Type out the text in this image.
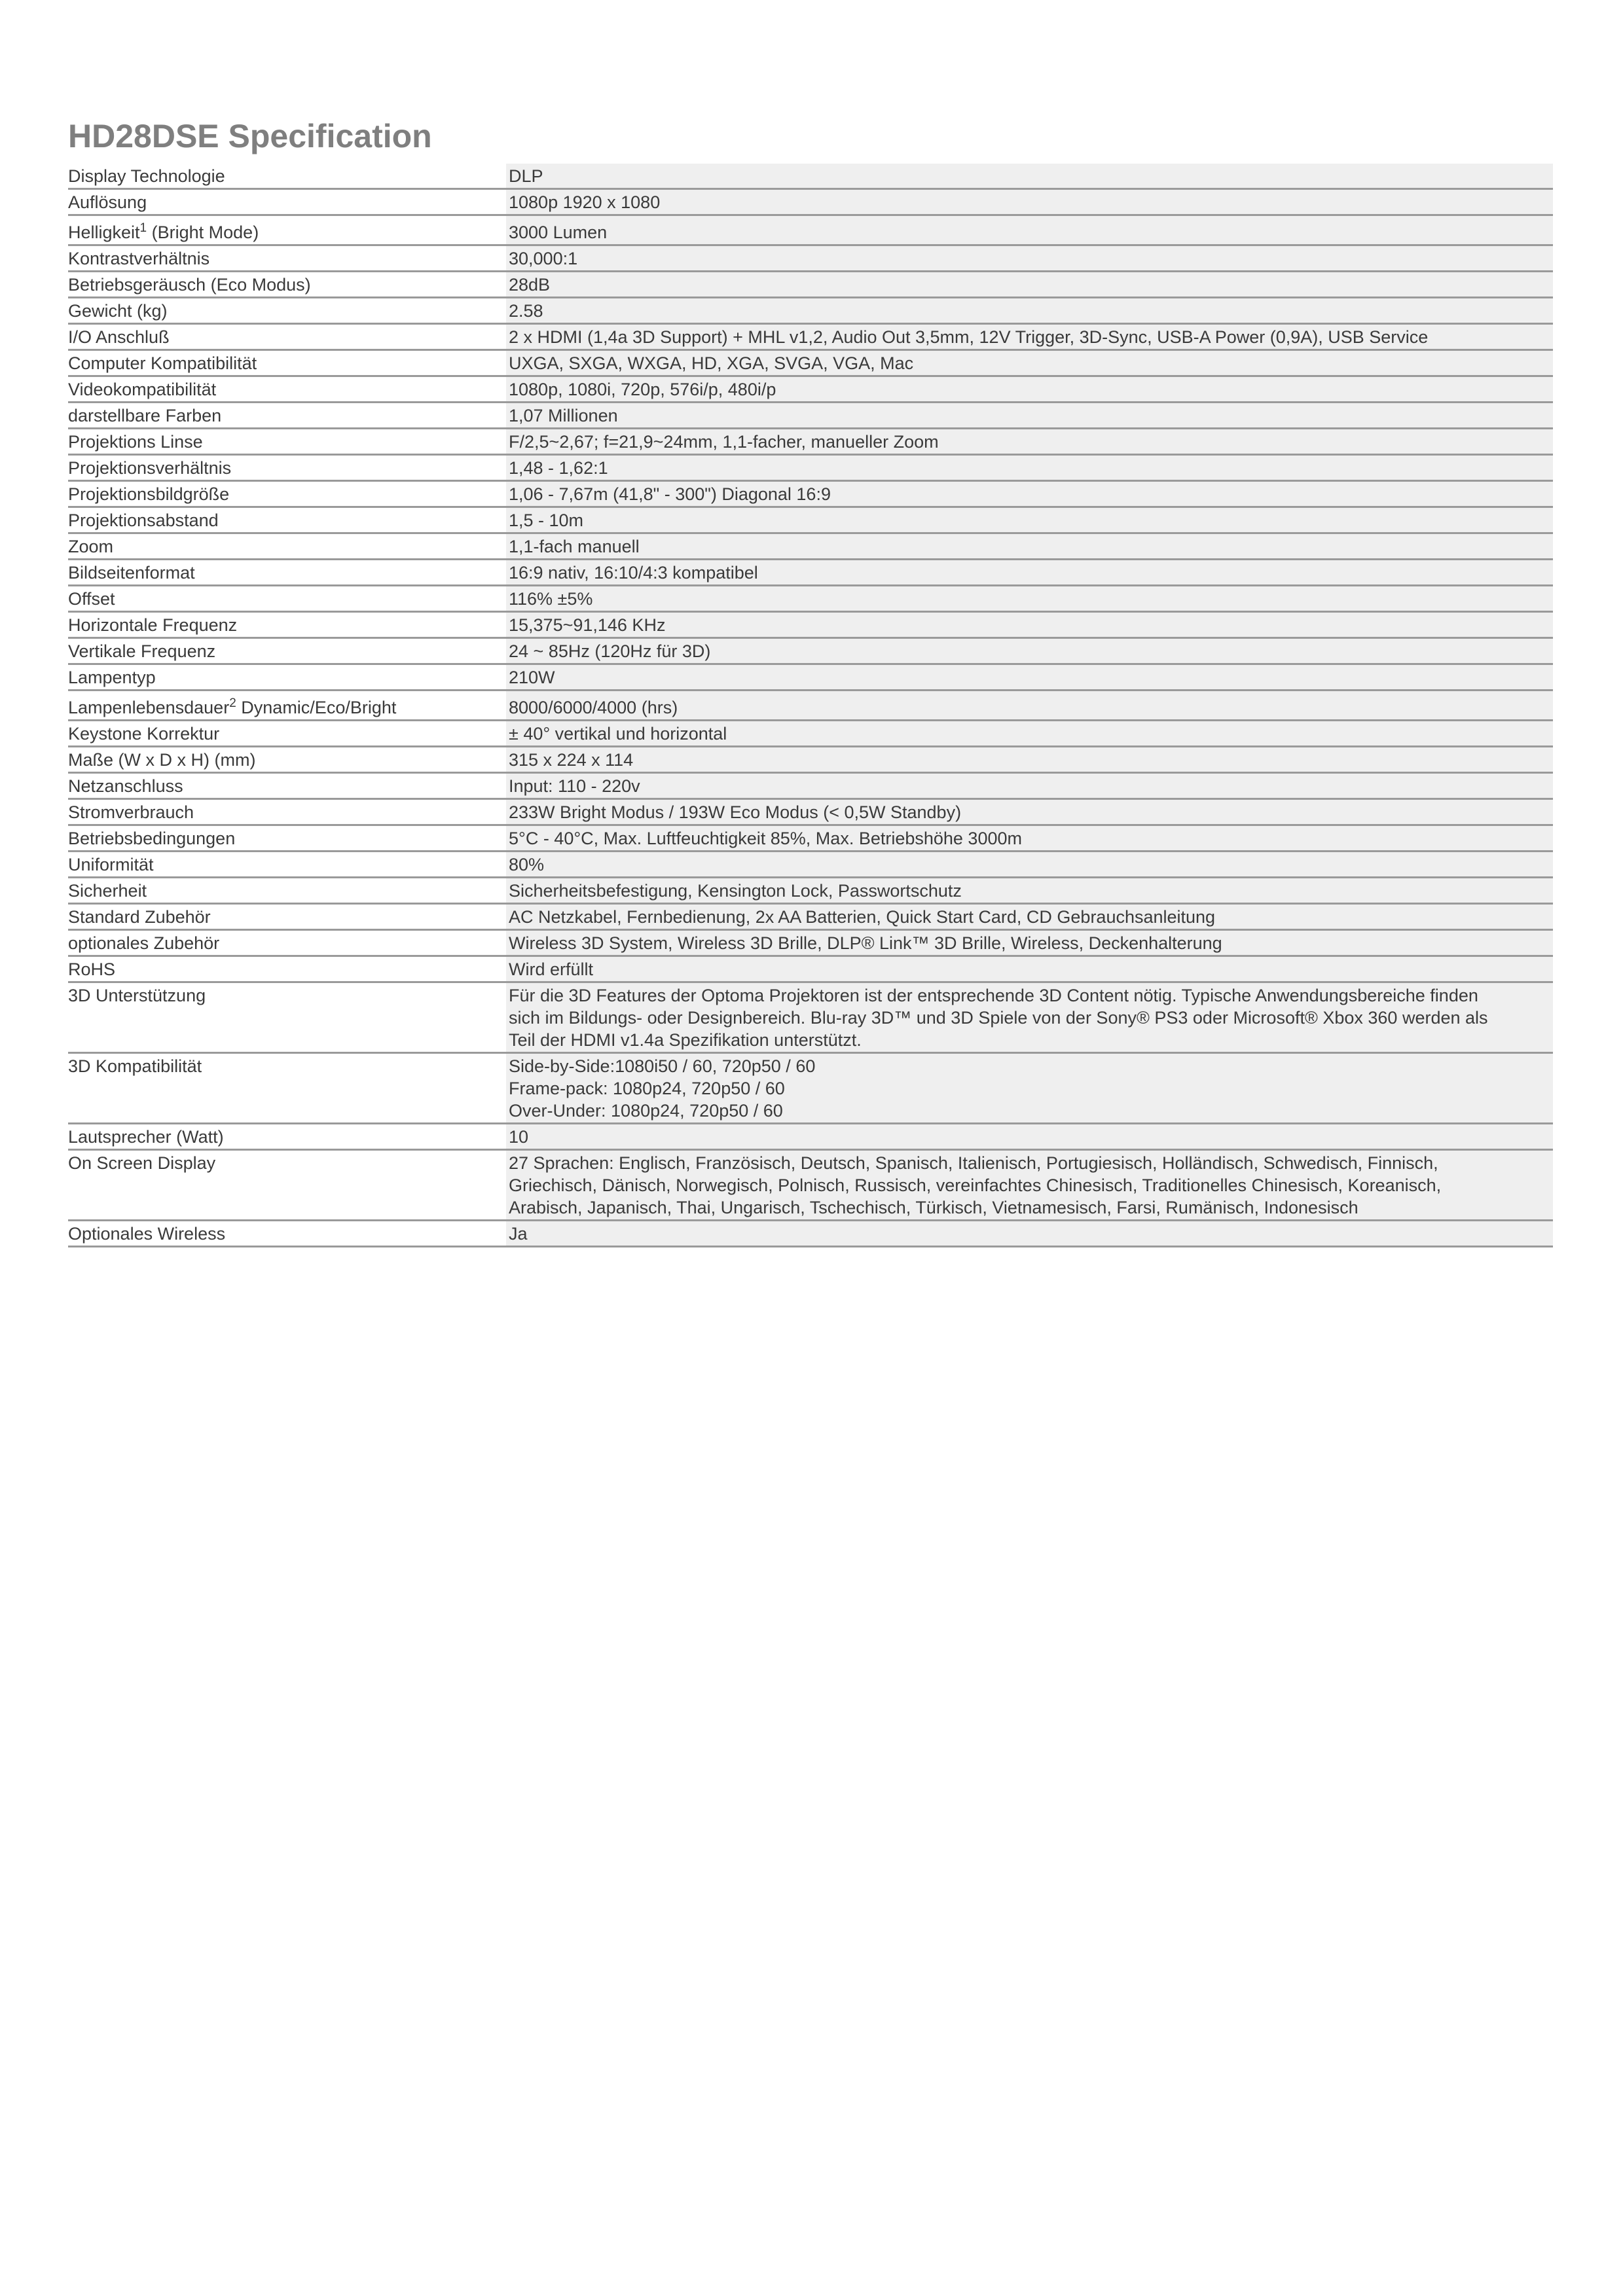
HD28DSE Specification
Display Technologie	DLP

Auflösung	1080p 1920 x 1080

Helligkeit$^1$ (Bright Mode)	3000 Lumen

Kontrastverhältnis	30,000:1

Betriebsgeräusch (Eco Modus)	28dB

Gewicht (kg)	2.58

I/O Anschluß	2 x HDMI (1,4a 3D Support) + MHL v1,2, Audio Out 3,5mm, 12V Trigger, 3D-Sync, USB-A Power (0,9A), USB Service

Computer Kompatibilität	UXGA, SXGA, WXGA, HD, XGA, SVGA, VGA, Mac

Videokompatibilität	1080p, 1080i, 720p, 576i/p, 480i/p

darstellbare Farben	1,07 Millionen

Projektions Linse	F/2,5~2,67; f=21,9~24mm, 1,1-facher, manueller Zoom

Projektionsverhältnis	1,48 - 1,62:1

Projektionsbildgröße	1,06 - 7,67m (41,8" - 300") Diagonal 16:9

Projektionsabstand	1,5 - 10m

Zoom	1,1-fach manuell

Bildseitenformat	16:9 nativ, 16:10/4:3 kompatibel

Offset	116% ±5%

Horizontale Frequenz	15,375~91,146 KHz

Vertikale Frequenz	24 ~ 85Hz (120Hz für 3D)

Lampentyp	210W

Lampenlebensdauer$^2$ Dynamic/Eco/Bright	8000/6000/4000 (hrs)

Keystone Korrektur	± 40° vertikal und horizontal

Maße (W x D x H) (mm)	315 x 224 x 114

Netzanschluss	Input: 110 - 220v

Stromverbrauch	233W Bright Modus / 193W Eco Modus (< 0,5W Standby)

Betriebsbedingungen	5°C - 40°C, Max. Luftfeuchtigkeit 85%, Max. Betriebshöhe 3000m

Uniformität	80%

Sicherheit	Sicherheitsbefestigung, Kensington Lock, Passwortschutz

Standard Zubehör	AC Netzkabel, Fernbedienung, 2x AA Batterien, Quick Start Card, CD Gebrauchsanleitung

optionales Zubehör	Wireless 3D System, Wireless 3D Brille, DLP® Link™ 3D Brille, Wireless, Deckenhalterung

RoHS	Wird erfüllt

3D Unterstützung	Für die 3D Features der Optoma Projektoren ist der entsprechende 3D Content nötig. Typische Anwendungsbereiche finden
sich im Bildungs- oder Designbereich. Blu-ray 3D™ und 3D Spiele von der Sony® PS3 oder Microsoft® Xbox 360 werden als
Teil der HDMI v1.4a Spezifikation unterstützt.

3D Kompatibilität	Side-by-Side:1080i50 / 60, 720p50 / 60
Frame-pack: 1080p24, 720p50 / 60
Over-Under: 1080p24, 720p50 / 60

Lautsprecher (Watt)	10

On Screen Display	27 Sprachen: Englisch, Französisch, Deutsch, Spanisch, Italienisch, Portugiesisch, Holländisch, Schwedisch, Finnisch,
Griechisch, Dänisch, Norwegisch, Polnisch, Russisch, vereinfachtes Chinesisch, Traditionelles Chinesisch, Koreanisch,
Arabisch, Japanisch, Thai, Ungarisch, Tschechisch, Türkisch, Vietnamesisch, Farsi, Rumänisch, Indonesisch

Optionales Wireless	Ja
